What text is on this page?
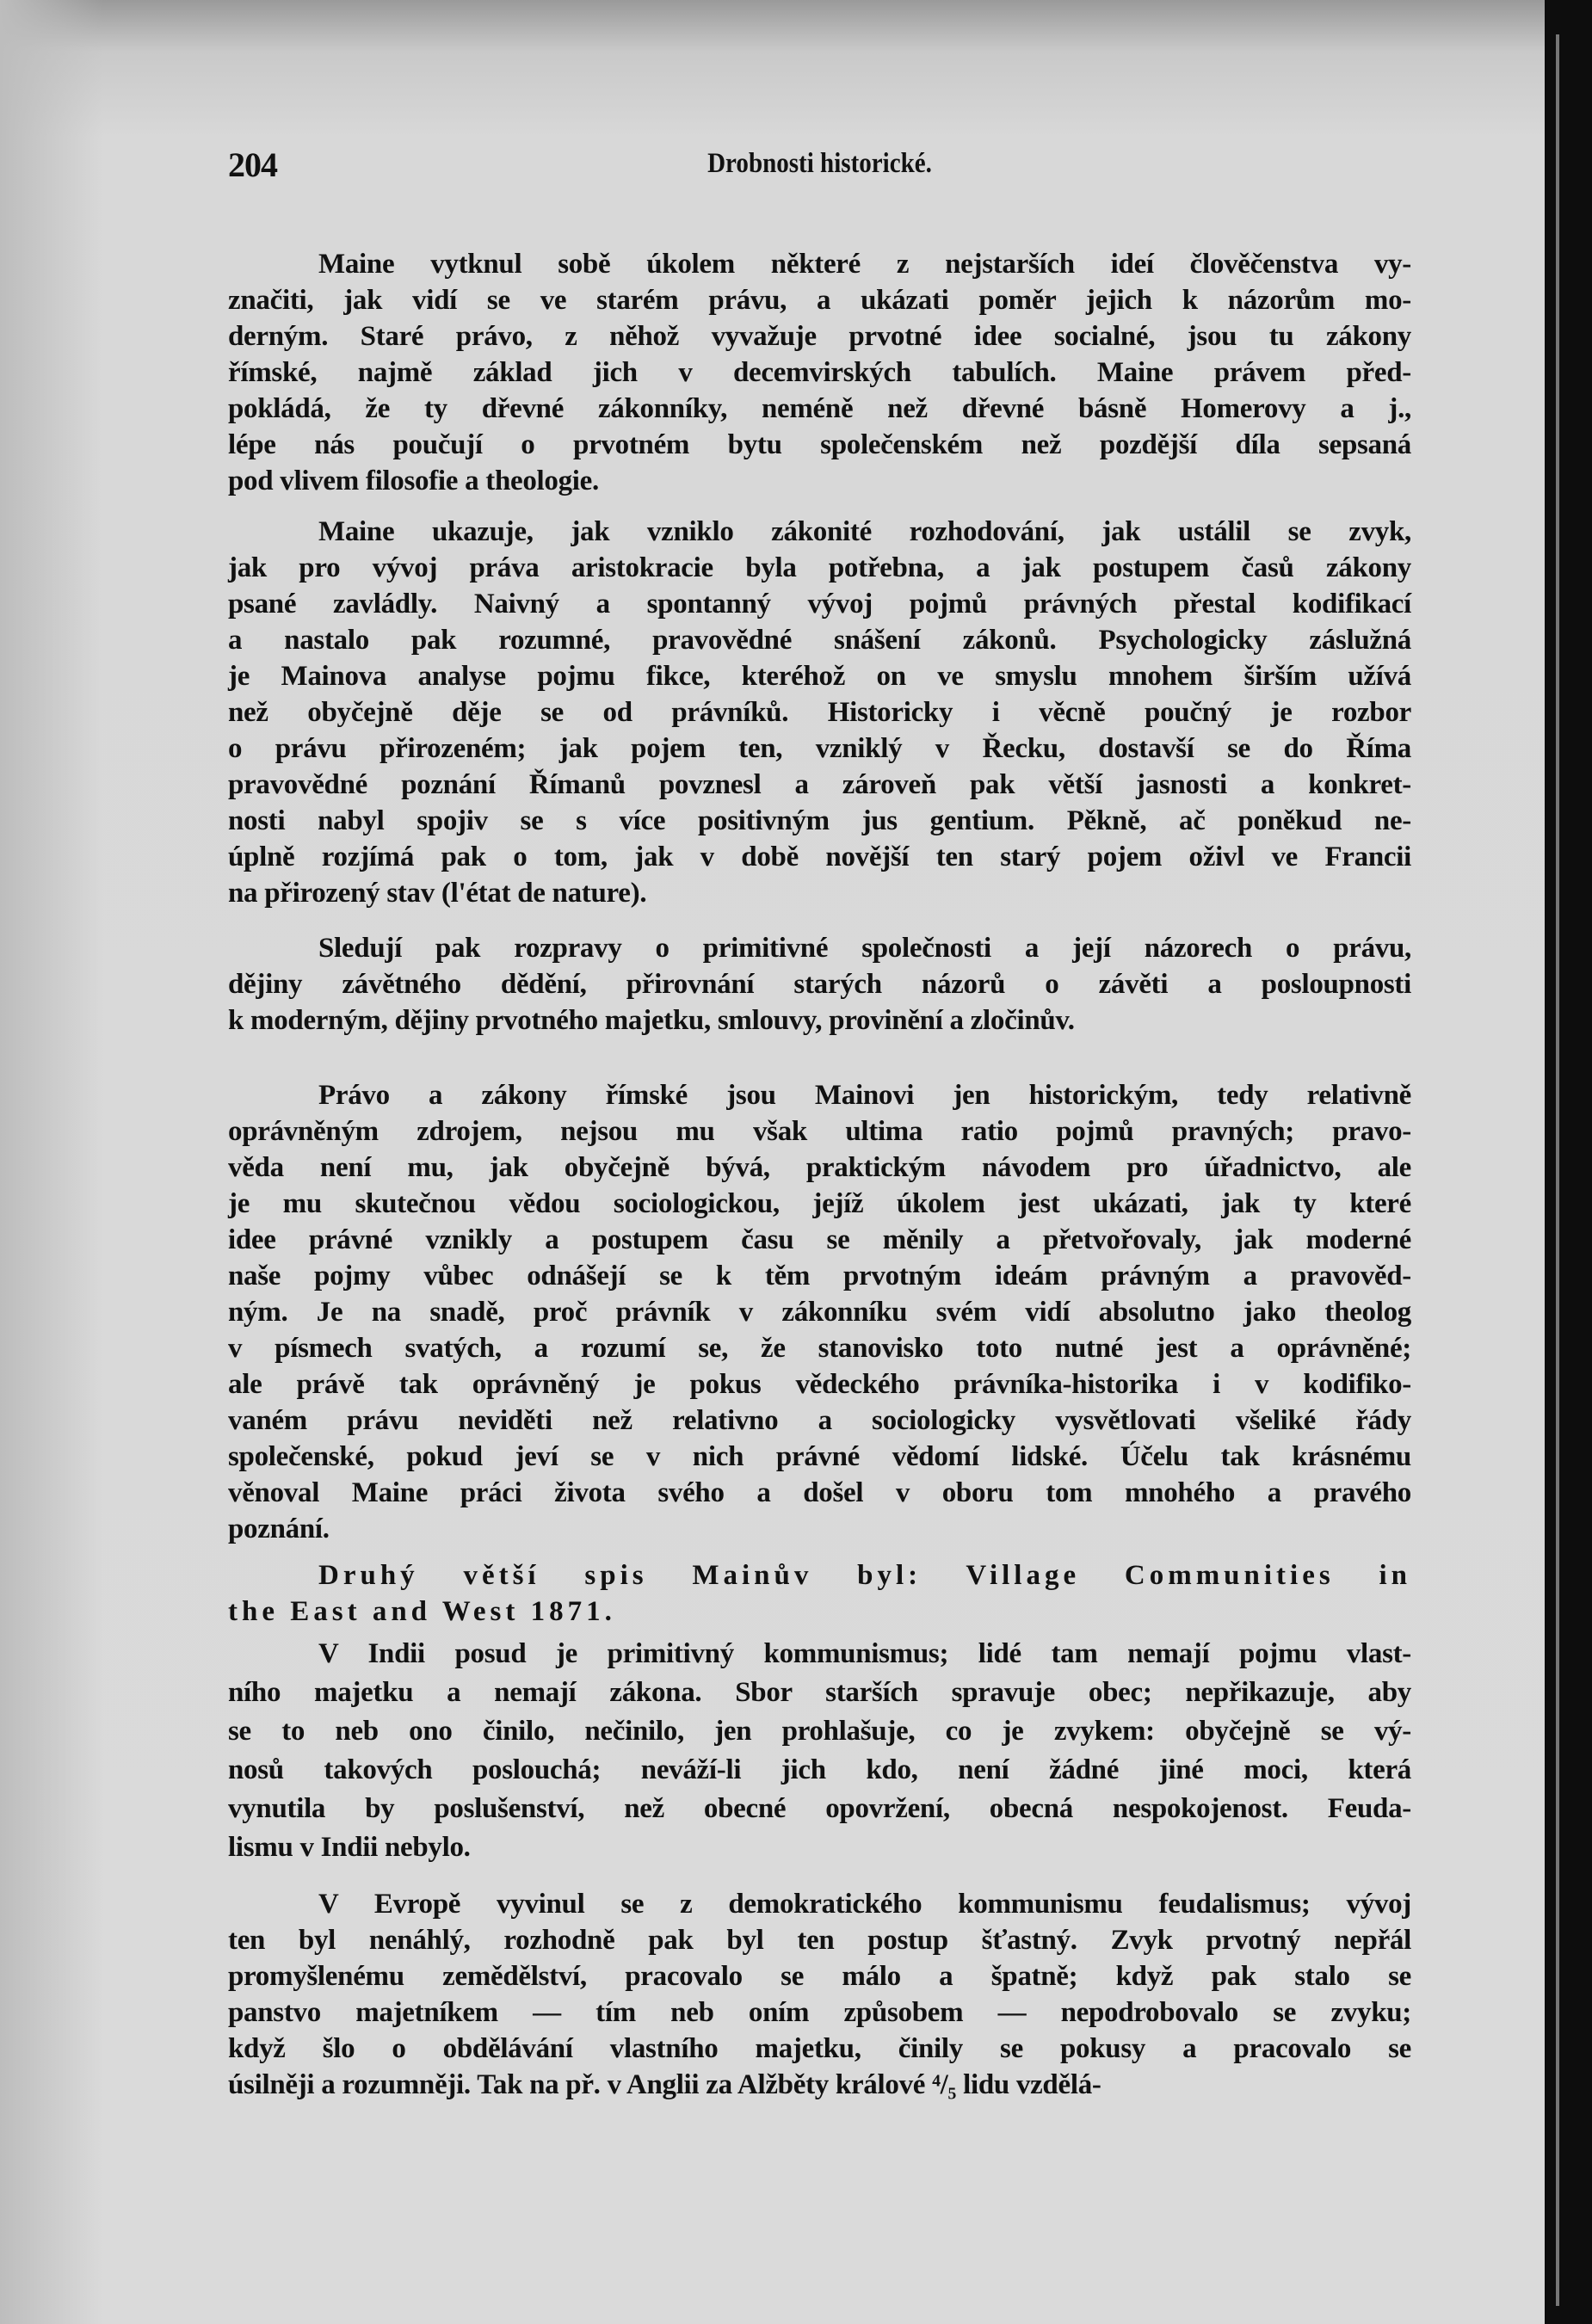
204	Drobnosti historické.
Maine vytknul sobě úkolem některé z nejstarších ideí člověčenstva vy-
značiti, jak vidí se ve starém právu, a ukázati poměr jejich k názorům mo-
derným. Staré právo, z něhož vyvažuje prvotné idee socialné, jsou tu zákony
římské, najmě základ jich v decemvirských tabulích. Maine právem před-
pokládá, že ty dřevné zákonníky, neméně než dřevné básně Homerovy a j.,
lépe nás poučují o prvotném bytu společenském než pozdější díla sepsaná
pod vlivem filosofie a theologie.
Maine ukazuje, jak vzniklo zákonité rozhodování, jak ustálil se zvyk,
jak pro vývoj práva aristokracie byla potřebna, a jak postupem časů zákony
psané zavládly. Naivný a spontanný vývoj pojmů právných přestal kodifikací
a nastalo pak rozumné, pravovědné snášení zákonů. Psychologicky záslužná
je Mainova analyse pojmu fikce, kteréhož on ve smyslu mnohem širším užívá
než obyčejně děje se od právníků. Historicky i věcně poučný je rozbor
o právu přirozeném; jak pojem ten, vzniklý v Řecku, dostavší se do Říma
pravovědné poznání Římanů povznesl a zároveň pak větší jasnosti a konkret-
nosti nabyl spojiv se s více positivným jus gentium. Pěkně, ač poněkud ne-
úplně rozjímá pak o tom, jak v době novější ten starý pojem oživl ve Francii
na přirozený stav (l'état de nature).
Sledují pak rozpravy o primitivné společnosti a její názorech o právu,
dějiny závětného dědění, přirovnání starých názorů o závěti a posloupnosti
k moderným, dějiny prvotného majetku, smlouvy, provinění a zločinův.
Právo a zákony římské jsou Mainovi jen historickým, tedy relativně
oprávněným zdrojem, nejsou mu však ultima ratio pojmů pravných; pravo-
věda není mu, jak obyčejně bývá, praktickým návodem pro úřadnictvo, ale
je mu skutečnou vědou sociologickou, jejíž úkolem jest ukázati, jak ty které
idee právné vznikly a postupem času se měnily a přetvořovaly, jak moderné
naše pojmy vůbec odnášejí se k těm prvotným ideám právným a pravověd-
ným. Je na snadě, proč právník v zákonníku svém vidí absolutno jako theolog
v písmech svatých, a rozumí se, že stanovisko toto nutné jest a oprávněné;
ale právě tak oprávněný je pokus vědeckého právníka-historika i v kodifiko-
vaném právu neviděti než relativno a sociologicky vysvětlovati všeliké řády
společenské, pokud jeví se v nich právné vědomí lidské. Účelu tak krásnému
věnoval Maine práci života svého a došel v oboru tom mnohého a pravého
poznání.
Druhý větší spis Mainův byl: Village Communities in
the East and West 1871.
V Indii posud je primitivný kommunismus; lidé tam nemají pojmu vlast-
ního majetku a nemají zákona. Sbor starších spravuje obec; nepřikazuje, aby
se to neb ono činilo, nečinilo, jen prohlašuje, co je zvykem: obyčejně se vý-
nosů takových poslouchá; neváží-li jich kdo, není žádné jiné moci, která
vynutila by poslušenství, než obecné opovržení, obecná nespokojenost. Feuda-
lismu v Indii nebylo.
V Evropě vyvinul se z demokratického kommunismu feudalismus; vývoj
ten byl nenáhlý, rozhodně pak byl ten postup šťastný. Zvyk prvotný nepřál
promyšlenému zemědělství, pracovalo se málo a špatně; když pak stalo se
panstvo majetníkem — tím neb oním způsobem — nepodrobovalo se zvyku;
když šlo o obdělávání vlastního majetku, činily se pokusy a pracovalo se
úsilněji a rozumněji. Tak na př. v Anglii za Alžběty králové ⁴/₅ lidu vzdělá-
